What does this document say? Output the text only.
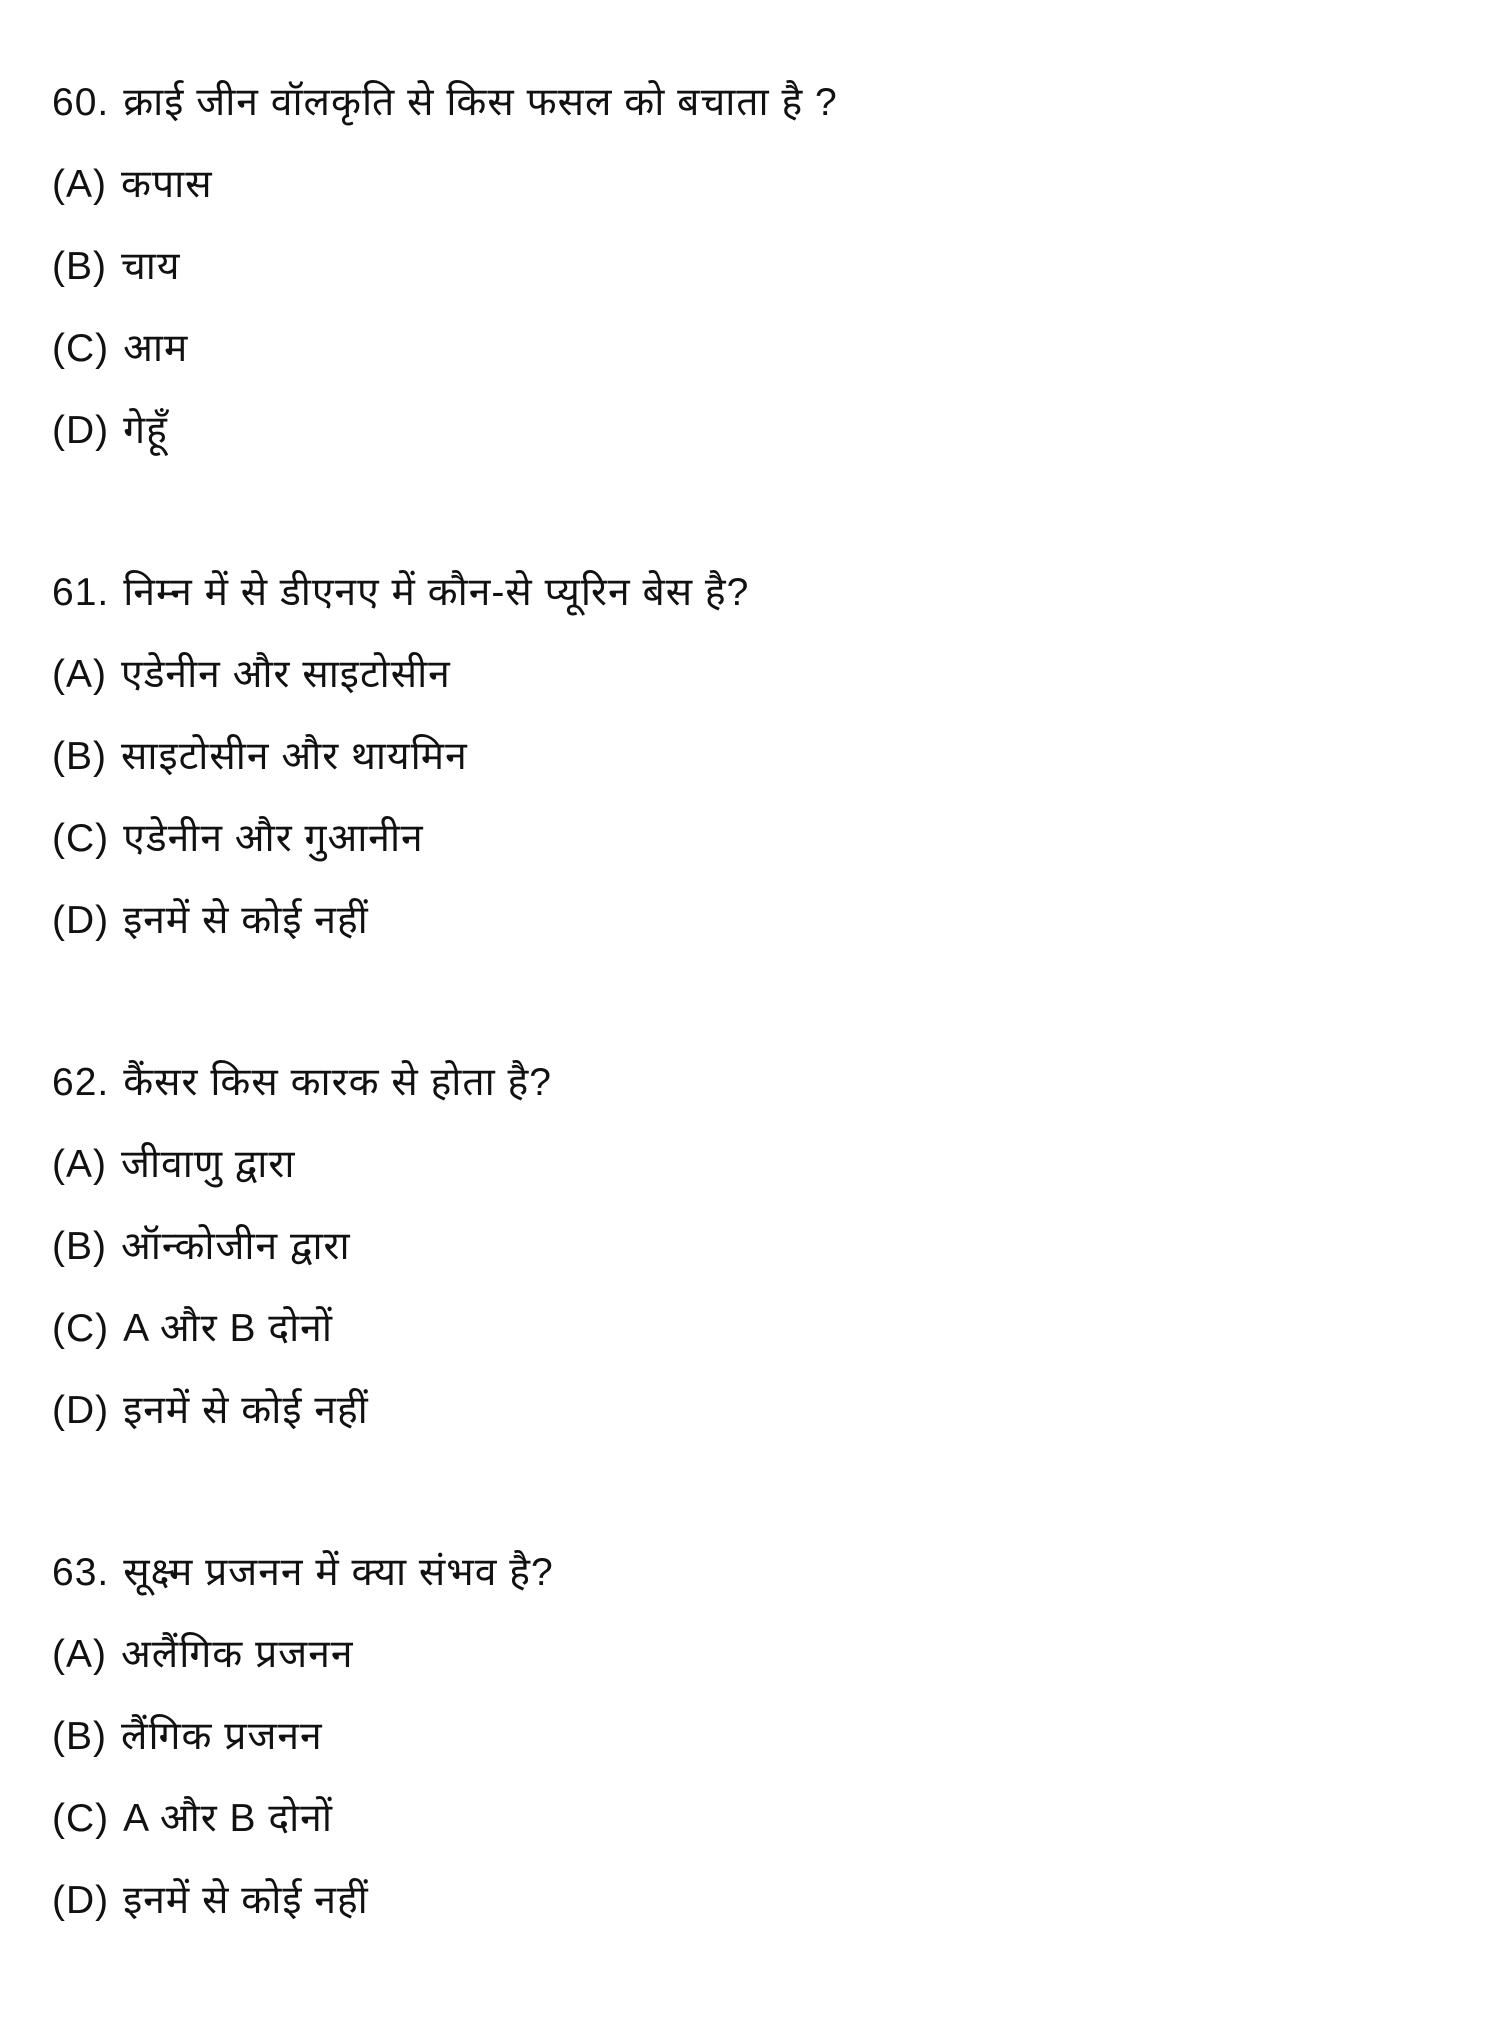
60. क्राई जीन वॉलकृति से किस फसल को बचाता है ?
(A) कपास
(B) चाय
(C) आम
(D) गेहूँ
61. निम्न में से डीएनए में कौन-से प्यूरिन बेस है?
(A) एडेनीन और साइटोसीन
(B) साइटोसीन और थायमिन
(C) एडेनीन और गुआनीन
(D) इनमें से कोई नहीं
62. कैंसर किस कारक से होता है?
(A) जीवाणु द्वारा
(B) ऑन्कोजीन द्वारा
(C) A और B दोनों
(D) इनमें से कोई नहीं
63. सूक्ष्म प्रजनन में क्या संभव है?
(A) अलैंगिक प्रजनन
(B) लैंगिक प्रजनन
(C) A और B दोनों
(D) इनमें से कोई नहीं
